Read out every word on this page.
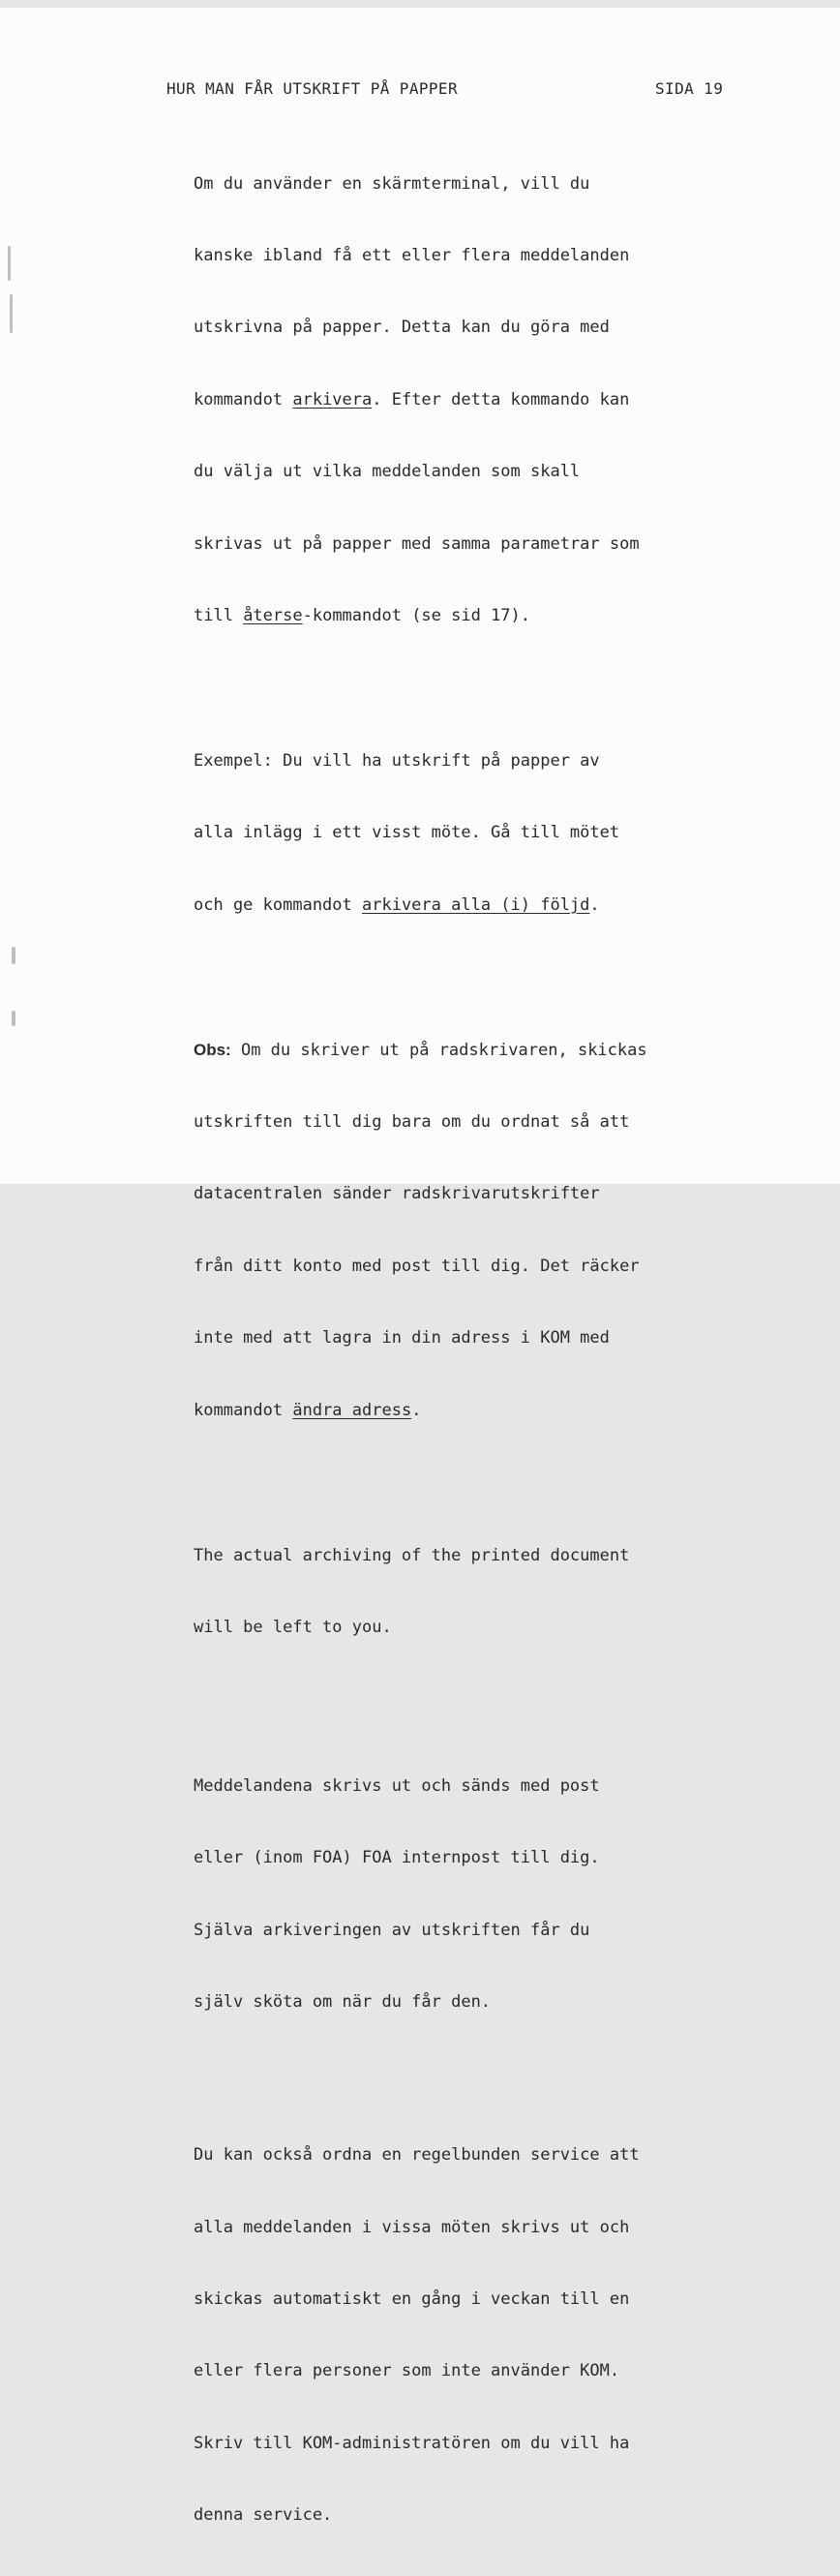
HUR MAN FÅR UTSKRIFT PÅ PAPPER	SIDA 19

Om du använder en skärmterminal, vill du

kanske ibland få ett eller flera meddelanden

utskrivna på papper. Detta kan du göra med

kommandot arkivera. Efter detta kommando kan

du välja ut vilka meddelanden som skall

skrivas ut på papper med samma parametrar som

till återse-kommandot (se sid 17).

Exempel: Du vill ha utskrift på papper av

alla inlägg i ett visst möte. Gå till mötet

och ge kommandot arkivera alla (i) följd.

Obs: Om du skriver ut på radskrivaren, skickas

utskriften till dig bara om du ordnat så att

datacentralen sänder radskrivarutskrifter

från ditt konto med post till dig. Det räcker

inte med att lagra in din adress i KOM med

kommandot ändra adress.

The actual archiving of the printed document

will be left to you.

Meddelandena skrivs ut och sänds med post

eller (inom FOA) FOA internpost till dig.

Själva arkiveringen av utskriften får du

själv sköta om när du får den.

Du kan också ordna en regelbunden service att

alla meddelanden i vissa möten skrivs ut och

skickas automatiskt en gång i veckan till en

eller flera personer som inte använder KOM.

Skriv till KOM-administratören om du vill ha

denna service.
